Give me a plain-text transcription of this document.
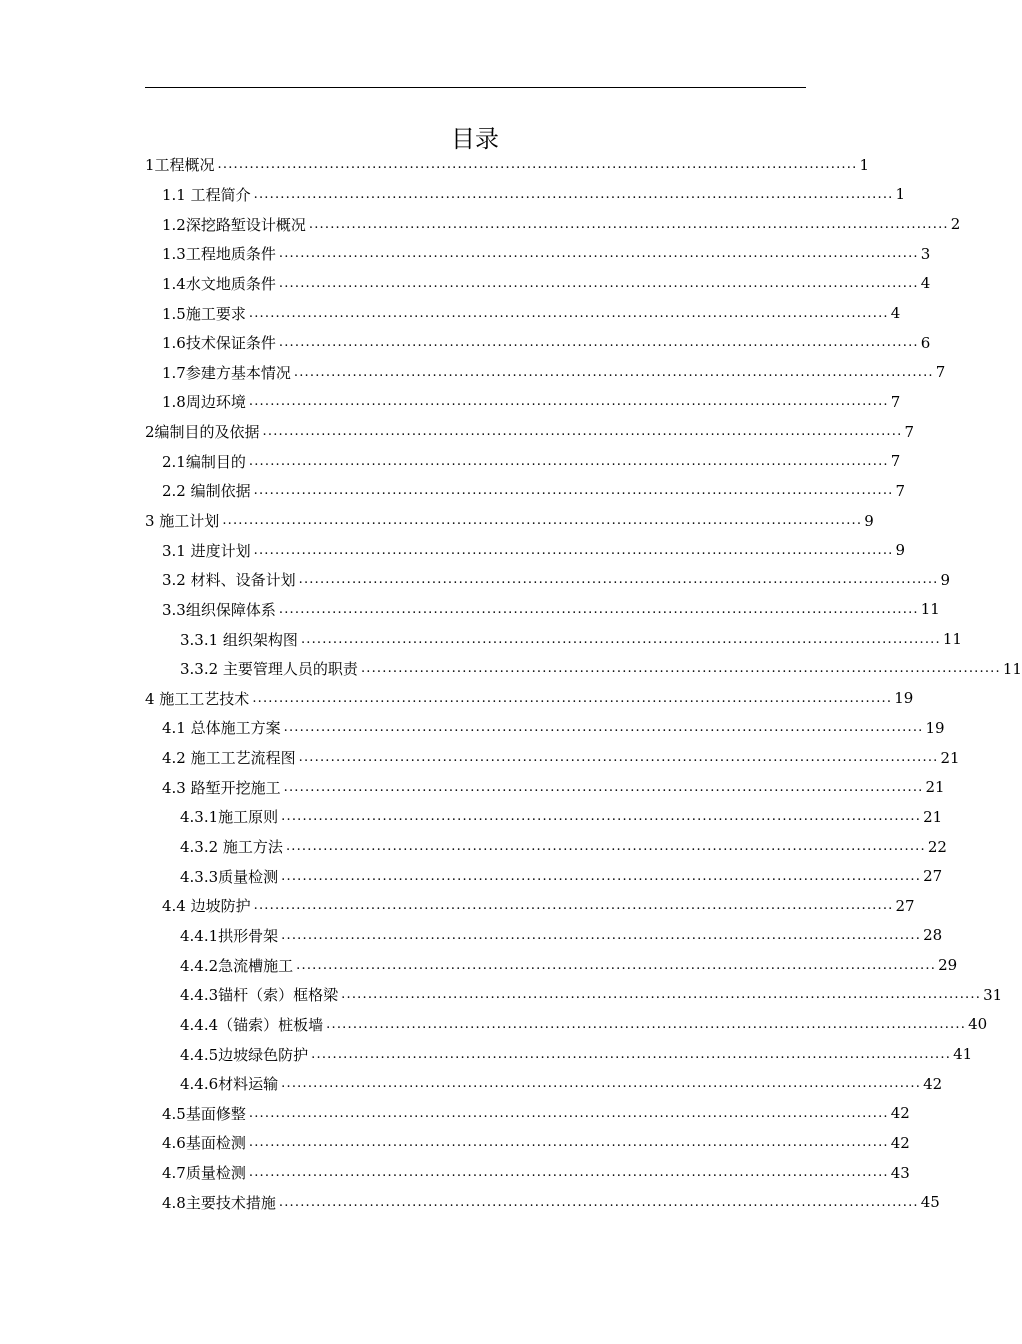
目录
1工程概况 ........................................................................................................................ 1
1.1 工程简介 ........................................................................................................................ 1
1.2深挖路堑设计概况 ........................................................................................................................ 2
1.3工程地质条件 ........................................................................................................................ 3
1.4水文地质条件 ........................................................................................................................ 4
1.5施工要求 ........................................................................................................................ 4
1.6技术保证条件 ........................................................................................................................ 6
1.7参建方基本情况 ........................................................................................................................ 7
1.8周边环境 ........................................................................................................................ 7
2编制目的及依据 ........................................................................................................................ 7
2.1编制目的 ........................................................................................................................ 7
2.2 编制依据 ........................................................................................................................ 7
3 施工计划 ........................................................................................................................ 9
3.1 进度计划 ........................................................................................................................ 9
3.2 材料、设备计划 ........................................................................................................................ 9
3.3组织保障体系 ........................................................................................................................ 11
3.3.1 组织架构图 ........................................................................................................................ 11
3.3.2 主要管理人员的职责 ........................................................................................................................ 11
4 施工工艺技术 ........................................................................................................................ 19
4.1 总体施工方案 ........................................................................................................................ 19
4.2 施工工艺流程图 ........................................................................................................................ 21
4.3 路堑开挖施工 ........................................................................................................................ 21
4.3.1施工原则 ........................................................................................................................ 21
4.3.2 施工方法 ........................................................................................................................ 22
4.3.3质量检测 ........................................................................................................................ 27
4.4 边坡防护 ........................................................................................................................ 27
4.4.1拱形骨架 ........................................................................................................................ 28
4.4.2急流槽施工 ........................................................................................................................ 29
4.4.3锚杆（索）框格梁 ........................................................................................................................ 31
4.4.4（锚索）桩板墙 ........................................................................................................................ 40
4.4.5边坡绿色防护 ........................................................................................................................ 41
4.4.6材料运输 ........................................................................................................................ 42
4.5基面修整 ........................................................................................................................ 42
4.6基面检测 ........................................................................................................................ 42
4.7质量检测 ........................................................................................................................ 43
4.8主要技术措施 ........................................................................................................................ 45
